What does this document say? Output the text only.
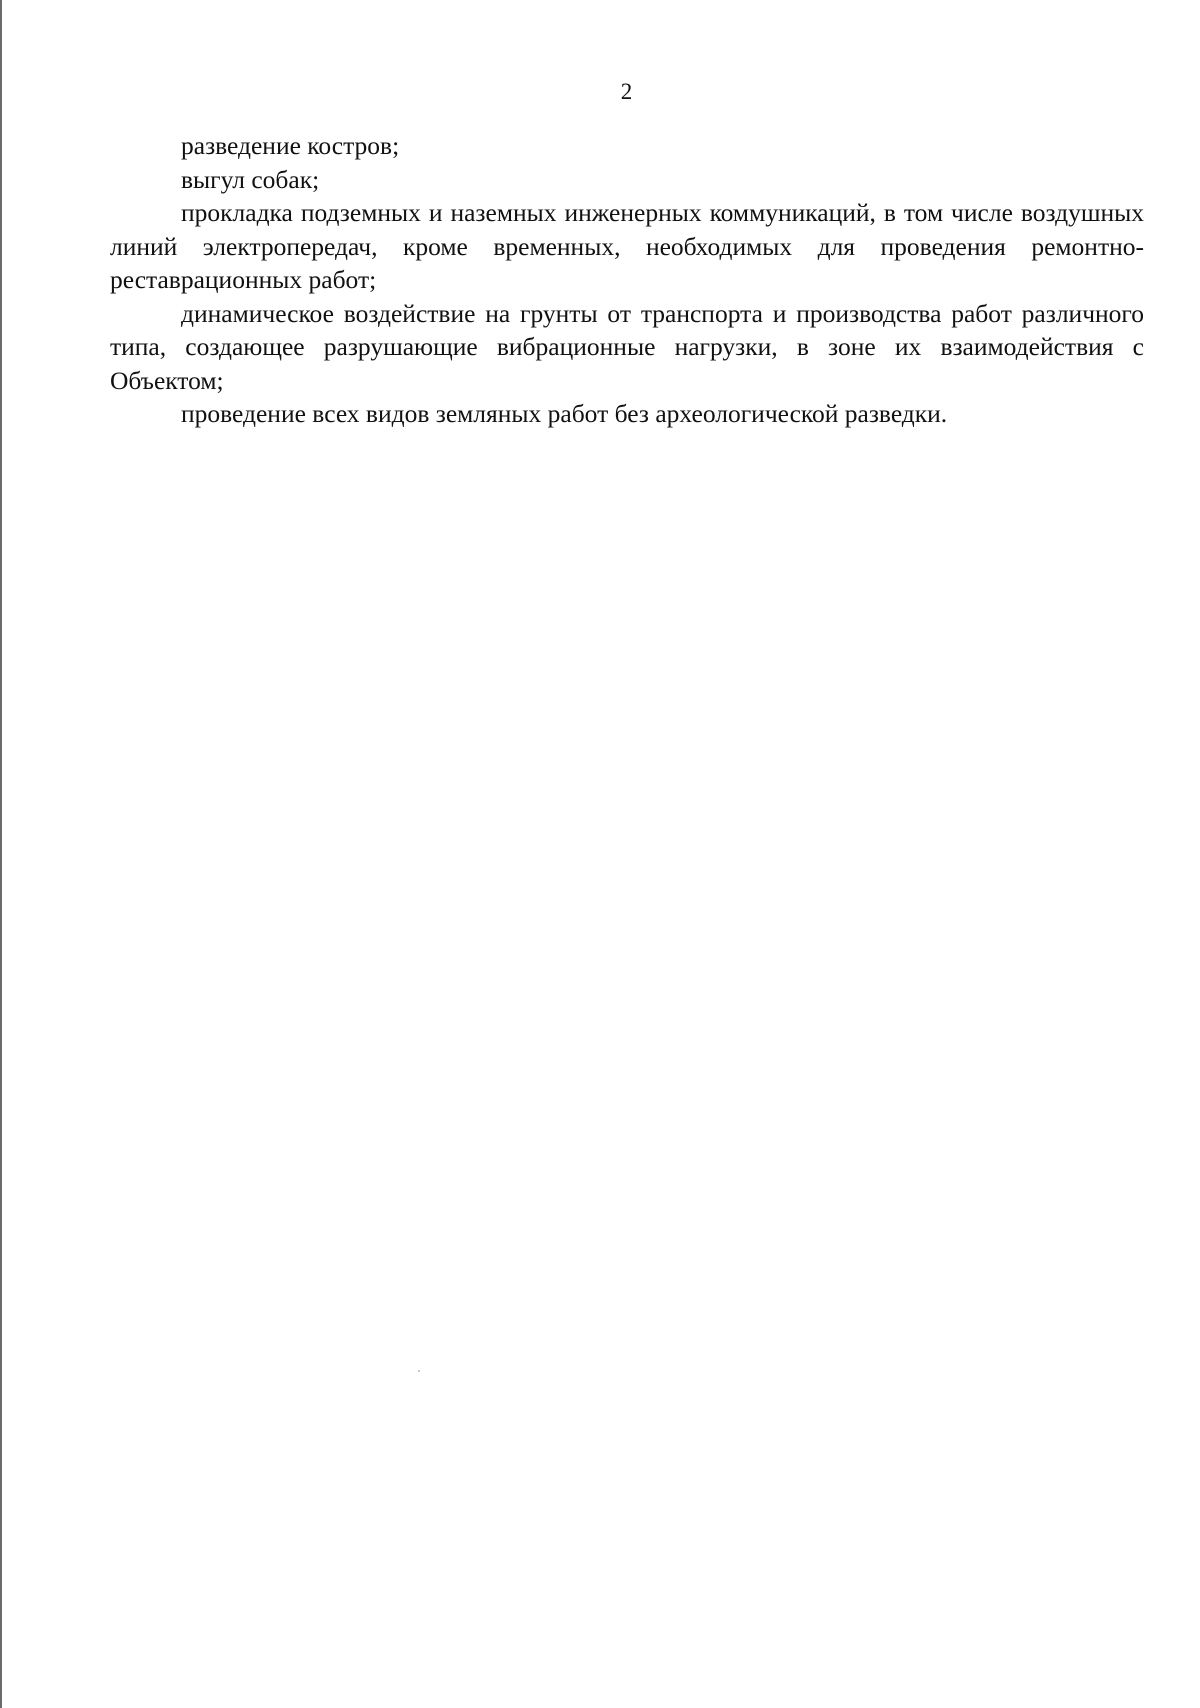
2

разведение костров;

выгул собак;

прокладка подземных и наземных инженерных коммуникаций, в том числе воздушных линий электропередач, кроме временных, необходимых для проведения ремонтно-реставрационных работ;

динамическое воздействие на грунты от транспорта и производства работ различного типа, создающее разрушающие вибрационные нагрузки, в зоне их взаимодействия с Объектом;

проведение всех видов земляных работ без археологической разведки.
